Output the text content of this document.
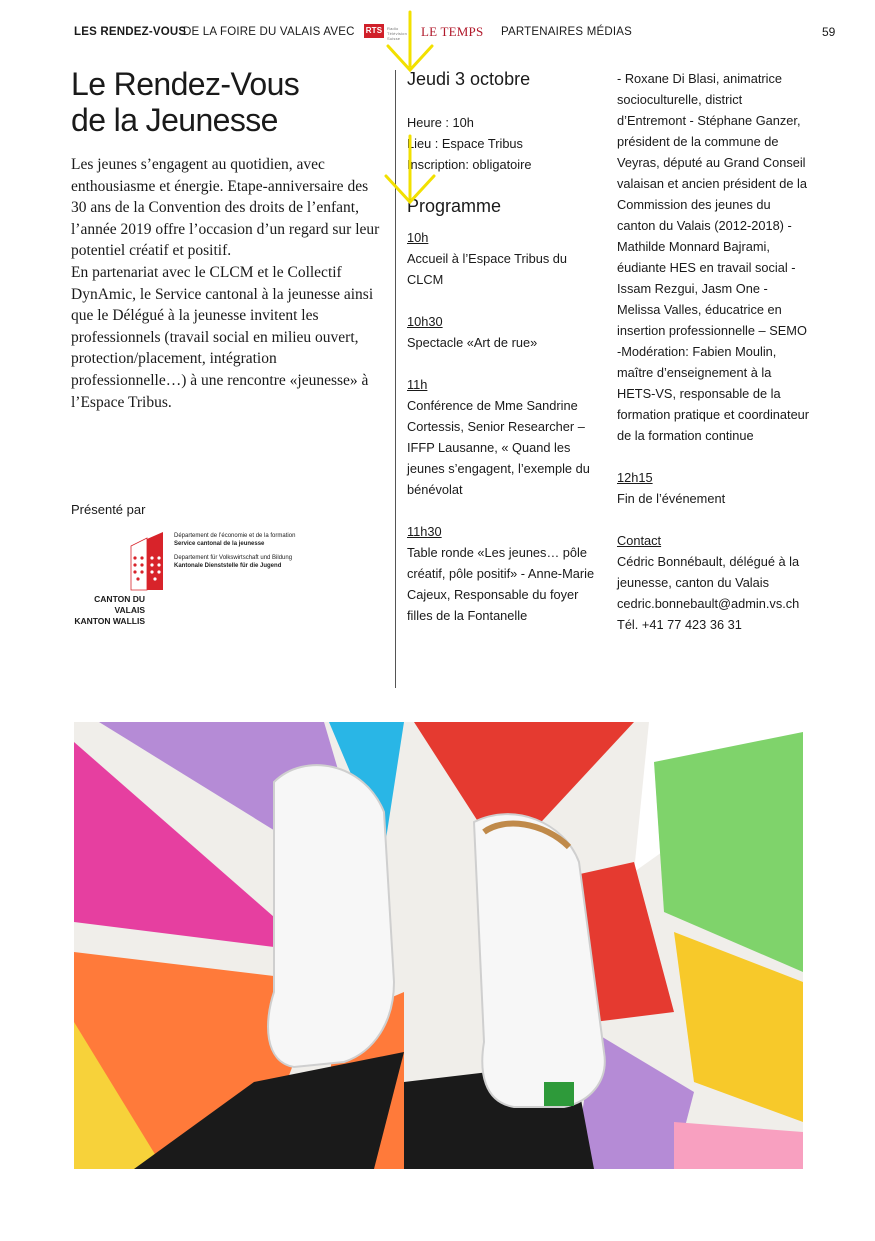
LES RENDEZ-VOUS
DE LA FOIRE DU VALAIS AVEC RTS	Radio Télévision Suisse LE TEMPS PARTENAIRES MÉDIAS	59
Le Rendez-Vous
de la Jeunesse

Les jeunes s’engagent au quotidien, avec enthousiasme et énergie. Etape-anniversaire des 30 ans de la Convention des droits de l’enfant, l’année 2019 offre l’occasion d’un regard sur leur potentiel créatif et positif.

En partenariat avec le CLCM et le Collectif DynAmic, le Service cantonal à la jeunesse ainsi que le Délégué à la jeunesse invitent les professionnels (travail social en milieu ouvert, protection/placement, intégration professionnelle…) à une rencontre «jeunesse» à l’Espace Tribus.

Présenté par
Département de l’économie et de la formation
Service cantonal de la jeunesse
Departement für Volkswirtschaft und Bildung
Kantonale Dienststelle für die Jugend
CANTON DU VALAIS
KANTON WALLIS

Jeudi 3 octobre

Heure : 10h

Lieu : Espace Tribus

Inscription: obligatoire

Programme

10h

Accueil à l’Espace Tribus du CLCM

10h30

Spectacle «Art de rue»

11h

Conférence de Mme Sandrine Cortessis, Senior Researcher – IFFP Lausanne, « Quand les jeunes s’engagent, l’exemple du bénévolat

11h30

Table ronde «Les jeunes… pôle créatif, pôle positif» - Anne-Marie Cajeux, Responsable du foyer filles de la Fontanelle

- Roxane Di Blasi, animatrice socioculturelle, district d’Entremont - Stéphane Ganzer, président de la commune de Veyras, député au Grand Conseil valaisan et ancien président de la Commission des jeunes du canton du Valais (2012-2018) - Mathilde Monnard Bajrami, éudiante HES en travail social - Issam Rezgui, Jasm One - Melissa Valles, éducatrice en insertion professionnelle – SEMO -Modération: Fabien Moulin, maître d’enseignement à la HETS-VS, responsable de la formation pratique et coordinateur de la formation continue

12h15

Fin de l’événement

Contact

Cédric Bonnébault, délégué à la jeunesse, canton du Valais

cedric.bonnebault@admin.vs.ch

Tél. +41 77 423 36 31
